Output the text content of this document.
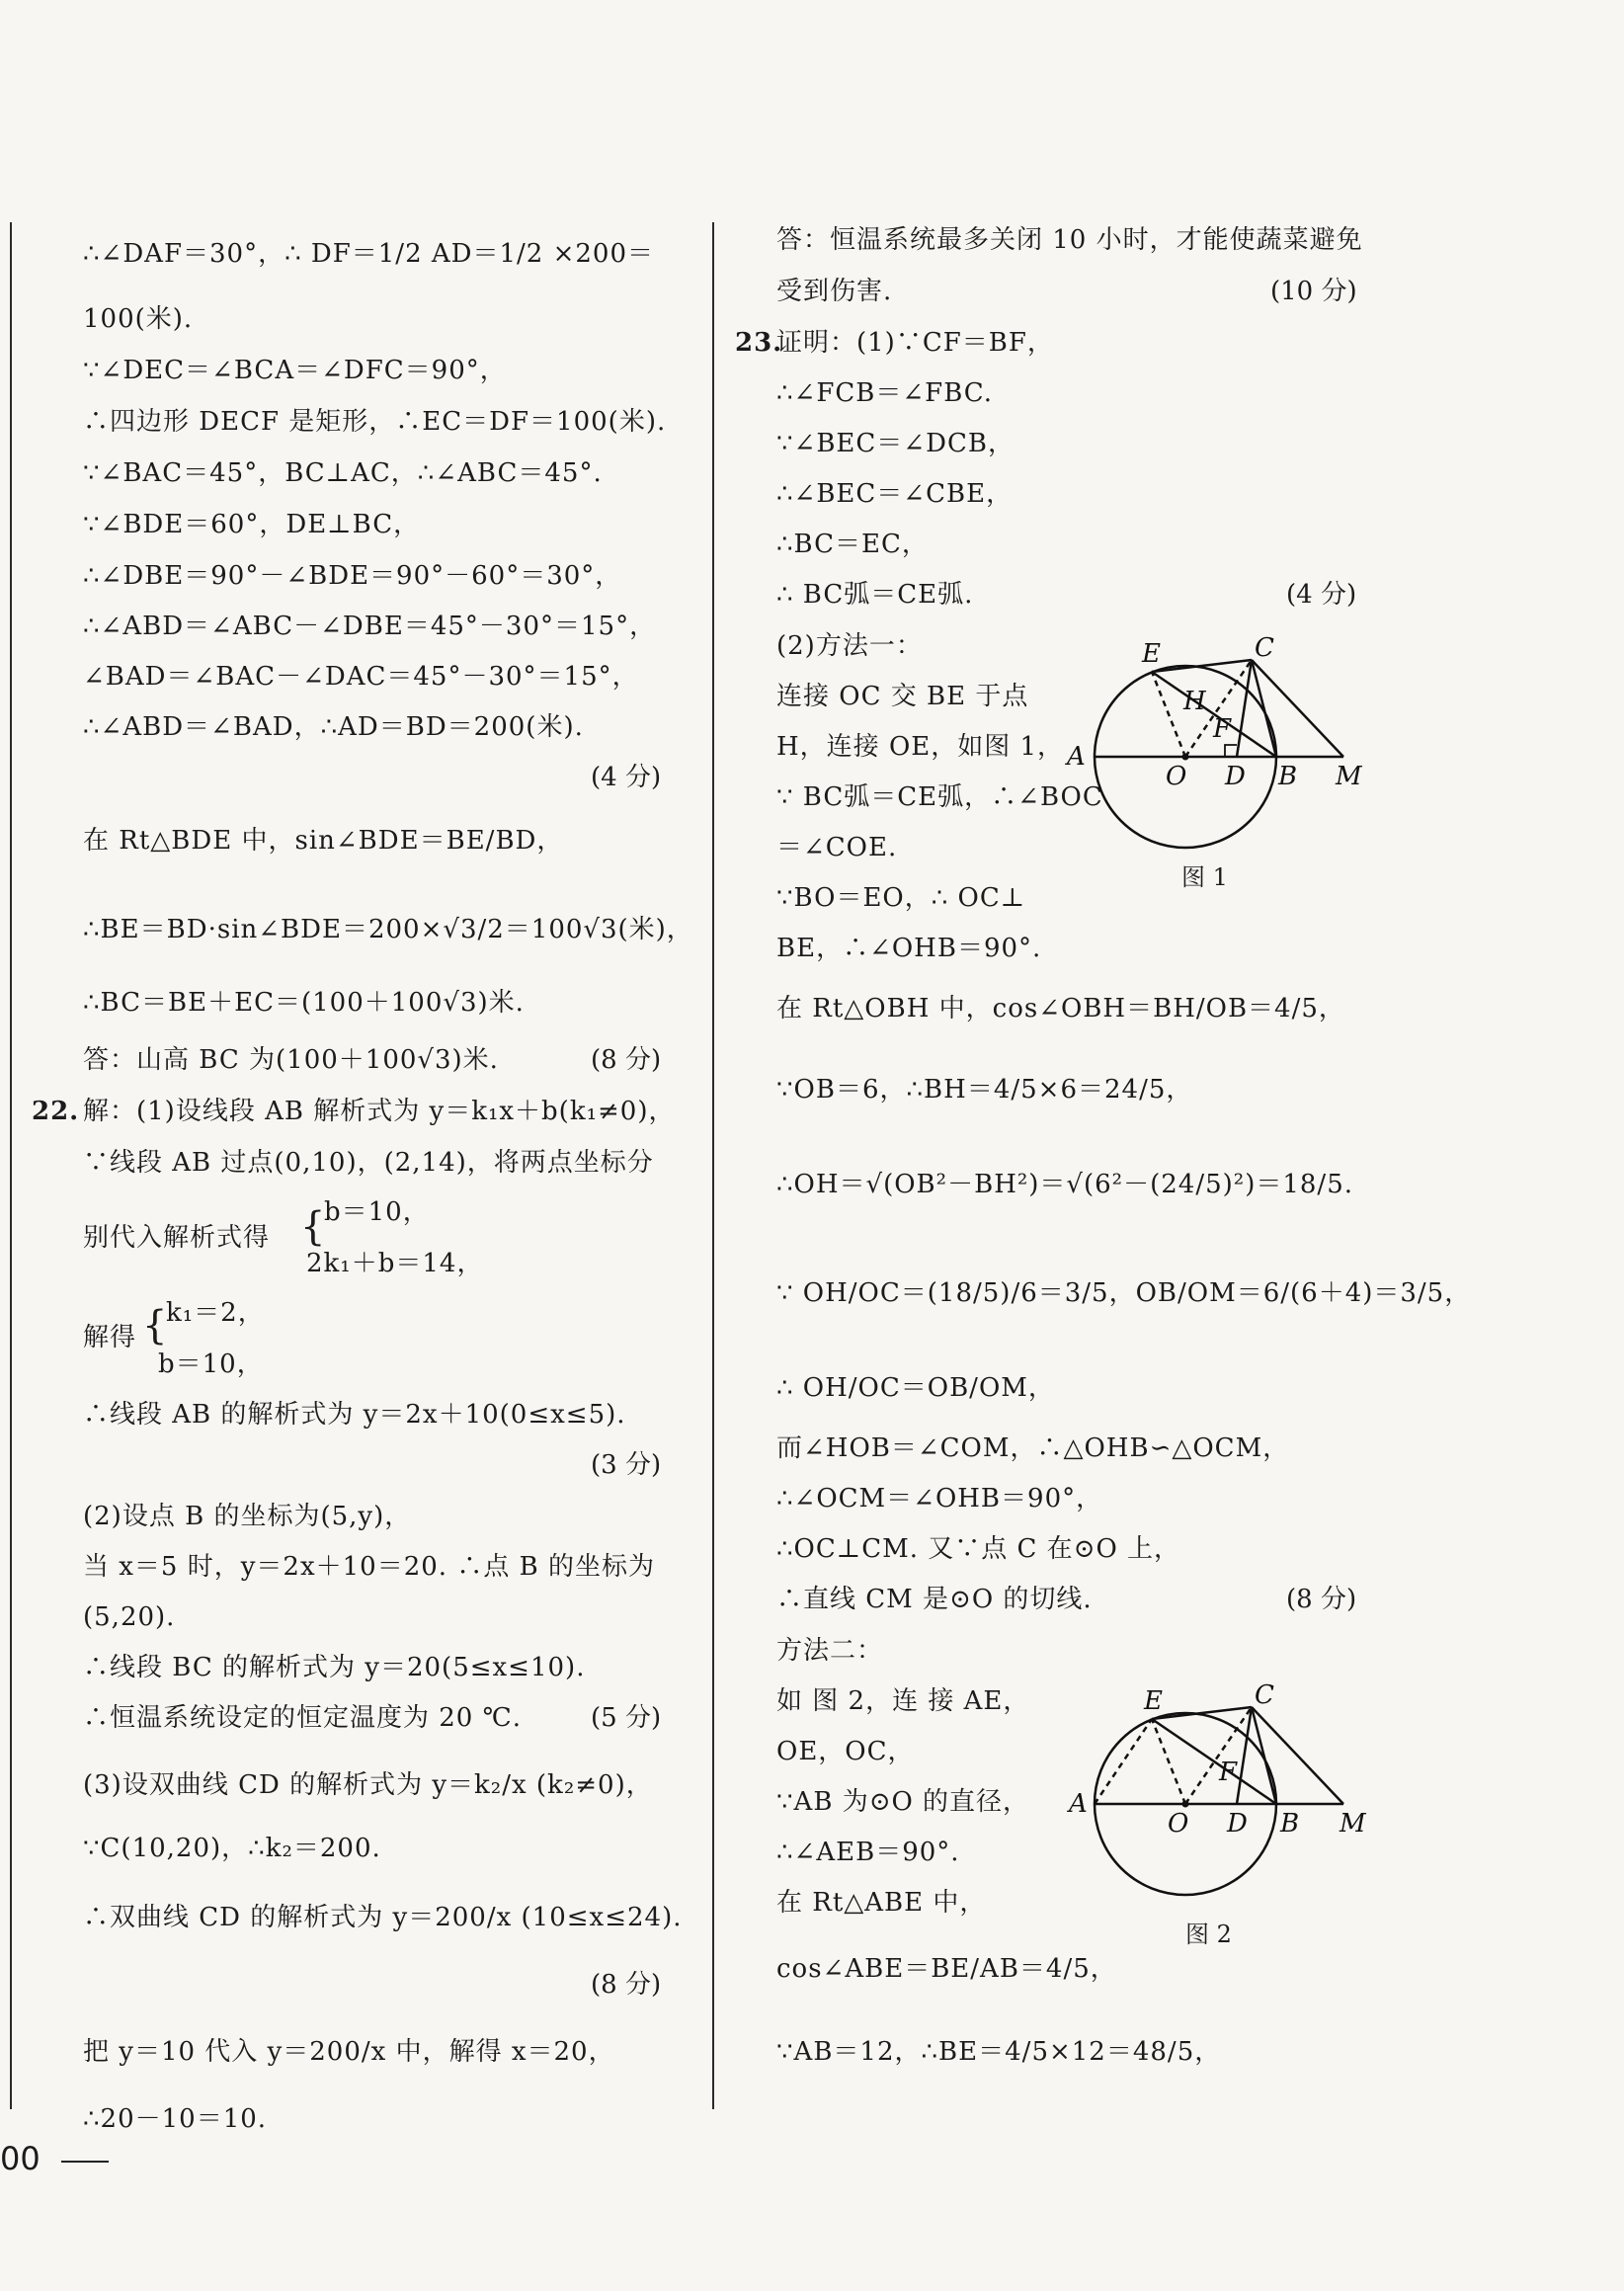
∴∠DAF＝30°，∴ DF＝1/2 AD＝1/2 ×200＝
100(米).
∵∠DEC＝∠BCA＝∠DFC＝90°，
∴四边形 DECF 是矩形，∴EC＝DF＝100(米).
∵∠BAC＝45°，BC⊥AC，∴∠ABC＝45°.
∵∠BDE＝60°，DE⊥BC，
∴∠DBE＝90°－∠BDE＝90°－60°＝30°，
∴∠ABD＝∠ABC－∠DBE＝45°－30°＝15°，
∠BAD＝∠BAC－∠DAC＝45°－30°＝15°，
∴∠ABD＝∠BAD，∴AD＝BD＝200(米).
(4 分)
在 Rt△BDE 中，sin∠BDE＝BE/BD，
∴BE＝BD·sin∠BDE＝200×√3/2＝100√3(米)，
∴BC＝BE＋EC＝(100＋100√3)米.
答：山高 BC 为(100＋100√3)米.	(8 分)
22. 解：(1)设线段 AB 解析式为 y＝k₁x＋b(k₁≠0)，
∵线段 AB 过点(0,10)，(2,14)，将两点坐标分
别代入解析式得 {
b＝10，
2k₁＋b＝14，
解得 {
k₁＝2，
b＝10，
∴线段 AB 的解析式为 y＝2x＋10(0≤x≤5).
(3 分)
(2)设点 B 的坐标为(5,y)，
当 x＝5 时，y＝2x＋10＝20. ∴点 B 的坐标为
(5,20).
∴线段 BC 的解析式为 y＝20(5≤x≤10).
∴恒温系统设定的恒定温度为 20 ℃.	(5 分)
(3)设双曲线 CD 的解析式为 y＝k₂/x (k₂≠0)，
∵C(10,20)，∴k₂＝200.
∴双曲线 CD 的解析式为 y＝200/x (10≤x≤24).
(8 分)
把 y＝10 代入 y＝200/x 中，解得 x＝20，
∴20－10＝10.
答：恒温系统最多关闭 10 小时，才能使蔬菜避免
受到伤害.	(10 分)
23.
证明：(1)∵CF＝BF，
∴∠FCB＝∠FBC.
∵∠BEC＝∠DCB，
∴∠BEC＝∠CBE，
∴BC＝EC，
∴ BC弧＝CE弧.	(4 分)
(2)方法一：
连接 OC 交 BE 于点
H，连接 OE，如图 1，
∵ BC弧＝CE弧，∴∠BOC
＝∠COE.
∵BO＝EO，∴ OC⊥
BE，∴∠OHB＝90°.
E	C
H
F
A
O D B M
图 1
在 Rt△OBH 中，cos∠OBH＝BH/OB＝4/5，
∵OB＝6，∴BH＝4/5×6＝24/5，
∴OH＝√(OB²－BH²)＝√(6²－(24/5)²)＝18/5.
∵ OH/OC＝(18/5)/6＝3/5，OB/OM＝6/(6＋4)＝3/5，
∴ OH/OC＝OB/OM，
而∠HOB＝∠COM，∴△OHB∽△OCM，
∴∠OCM＝∠OHB＝90°，
∴OC⊥CM. 又∵点 C 在⊙O 上，
∴直线 CM 是⊙O 的切线.	(8 分)
方法二：
如 图 2，连 接 AE，
OE，OC，
∵AB 为⊙O 的直径，
∴∠AEB＝90°.
在 Rt△ABE 中，
E	C
F
A
O D B M
图 2
cos∠ABE＝BE/AB＝4/5，
∵AB＝12，∴BE＝4/5×12＝48/5，
00
